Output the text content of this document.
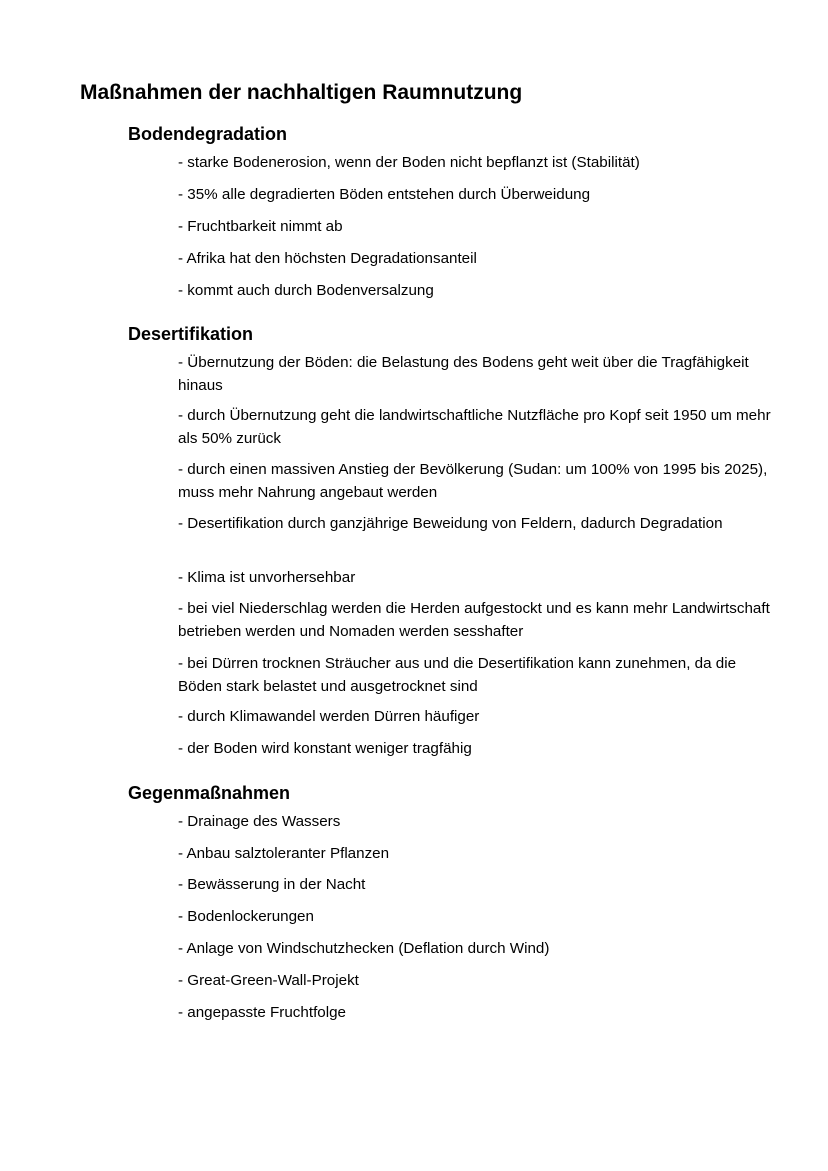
Maßnahmen der nachhaltigen Raumnutzung
Bodendegradation

- starke Bodenerosion, wenn der Boden nicht bepflanzt ist (Stabilität)

- 35% alle degradierten Böden entstehen durch Überweidung

- Fruchtbarkeit nimmt ab

- Afrika hat den höchsten Degradationsanteil

- kommt auch durch Bodenversalzung

Desertifikation

- Übernutzung der Böden: die Belastung des Bodens geht weit über die Tragfähigkeit hinaus

- durch Übernutzung geht die landwirtschaftliche Nutzfläche pro Kopf seit 1950 um mehr als 50% zurück

- durch einen massiven Anstieg der Bevölkerung (Sudan: um 100% von 1995 bis 2025), muss mehr Nahrung angebaut werden

- Desertifikation durch ganzjährige Beweidung von Feldern, dadurch Degradation

- Klima ist unvorhersehbar

- bei viel Niederschlag werden die Herden aufgestockt und es kann mehr Landwirtschaft betrieben werden und Nomaden werden sesshafter

- bei Dürren trocknen Sträucher aus und die Desertifikation kann zunehmen, da die Böden stark belastet und ausgetrocknet sind

- durch Klimawandel werden Dürren häufiger

- der Boden wird konstant weniger tragfähig

Gegenmaßnahmen

- Drainage des Wassers

- Anbau salztoleranter Pflanzen

- Bewässerung in der Nacht

- Bodenlockerungen

- Anlage von Windschutzhecken (Deflation durch Wind)

- Great-Green-Wall-Projekt

- angepasste Fruchtfolge
